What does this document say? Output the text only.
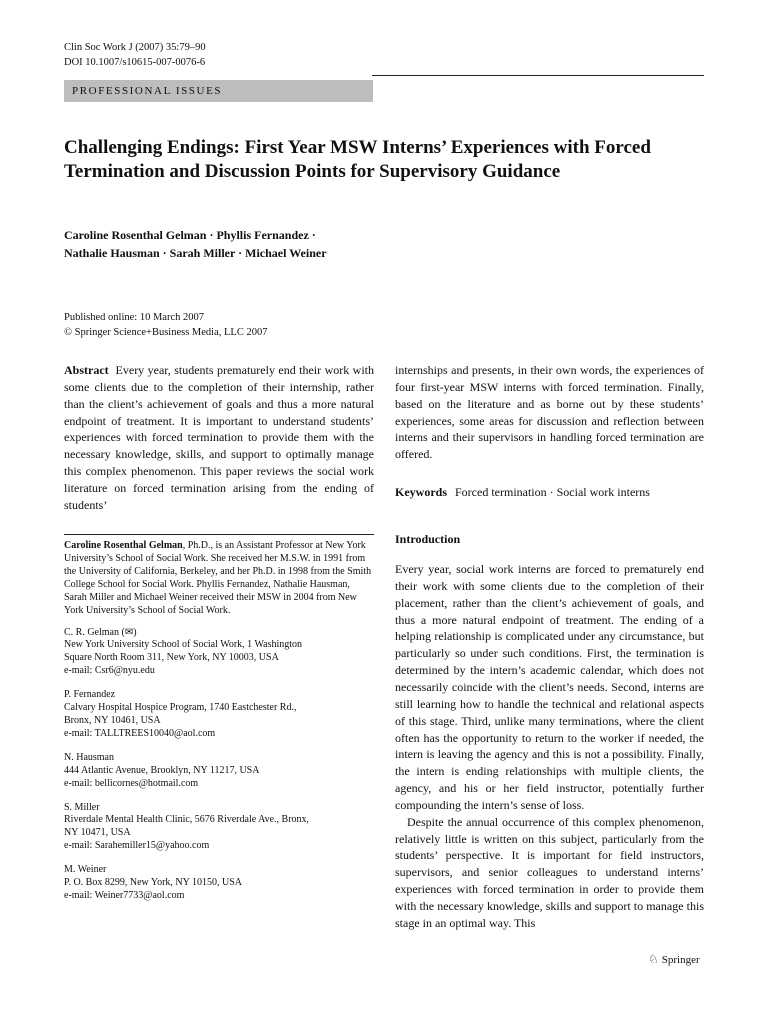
Clin Soc Work J (2007) 35:79–90
DOI 10.1007/s10615-007-0076-6
PROFESSIONAL ISSUES
Challenging Endings: First Year MSW Interns’ Experiences with Forced Termination and Discussion Points for Supervisory Guidance
Caroline Rosenthal Gelman · Phyllis Fernandez ·
Nathalie Hausman · Sarah Miller · Michael Weiner
Published online: 10 March 2007
© Springer Science+Business Media, LLC 2007

Abstract Every year, students prematurely end their work with some clients due to the completion of their internship, rather than the client’s achievement of goals and thus a more natural endpoint of treatment. It is important to understand students’ experiences with forced termination to provide them with the necessary knowledge, skills, and support to optimally manage this complex phenomenon. This paper reviews the social work literature on forced termination arising from the ending of students’

internships and presents, in their own words, the experiences of four first-year MSW interns with forced termination. Finally, based on the literature and as borne out by these students’ experiences, some areas for discussion and reflection between interns and their supervisors in handling forced termination are offered.

Keywords Forced termination · Social work interns
Introduction

Every year, social work interns are forced to prematurely end their work with some clients due to the completion of their placement, rather than the client’s achievement of goals, and thus a more natural endpoint of treatment. The ending of a helping relationship is complicated under any circumstance, but particularly so under such conditions. First, the termination is determined by the intern’s academic calendar, which does not necessarily coincide with the client’s needs. Second, interns are still learning how to handle the technical and relational aspects of this stage. Third, unlike many terminations, where the client often has the opportunity to return to the worker if needed, the intern is leaving the agency and this is not a possibility. Finally, the intern is ending relationships with multiple clients, the agency, and his or her field instructor, potentially further compounding the intern’s sense of loss.

Despite the annual occurrence of this complex phenomenon, relatively little is written on this subject, particularly from the students’ perspective. It is important for field instructors, supervisors, and senior colleagues to understand interns’ experiences with forced termination in order to provide them with the necessary knowledge, skills and support to manage this stage in an optimal way. This

Caroline Rosenthal Gelman, Ph.D., is an Assistant Professor at New York University’s School of Social Work. She received her M.S.W. in 1991 from the University of California, Berkeley, and her Ph.D. in 1998 from the Smith College School for Social Work. Phyllis Fernandez, Nathalie Hausman, Sarah Miller and Michael Weiner received their MSW in 2004 from New York University’s School of Social Work.

C. R. Gelman (✉)
New York University School of Social Work, 1 Washington
Square North Room 311, New York, NY 10003, USA
e-mail: Csr6@nyu.edu
P. Fernandez
Calvary Hospital Hospice Program, 1740 Eastchester Rd.,
Bronx, NY 10461, USA
e-mail: TALLTREES10040@aol.com
N. Hausman
444 Atlantic Avenue, Brooklyn, NY 11217, USA
e-mail: bellicornes@hotmail.com
S. Miller
Riverdale Mental Health Clinic, 5676 Riverdale Ave., Bronx,
NY 10471, USA
e-mail: Sarahemiller15@yahoo.com
M. Weiner
P. O. Box 8299, New York, NY 10150, USA
e-mail: Weiner7733@aol.com
♘ Springer
